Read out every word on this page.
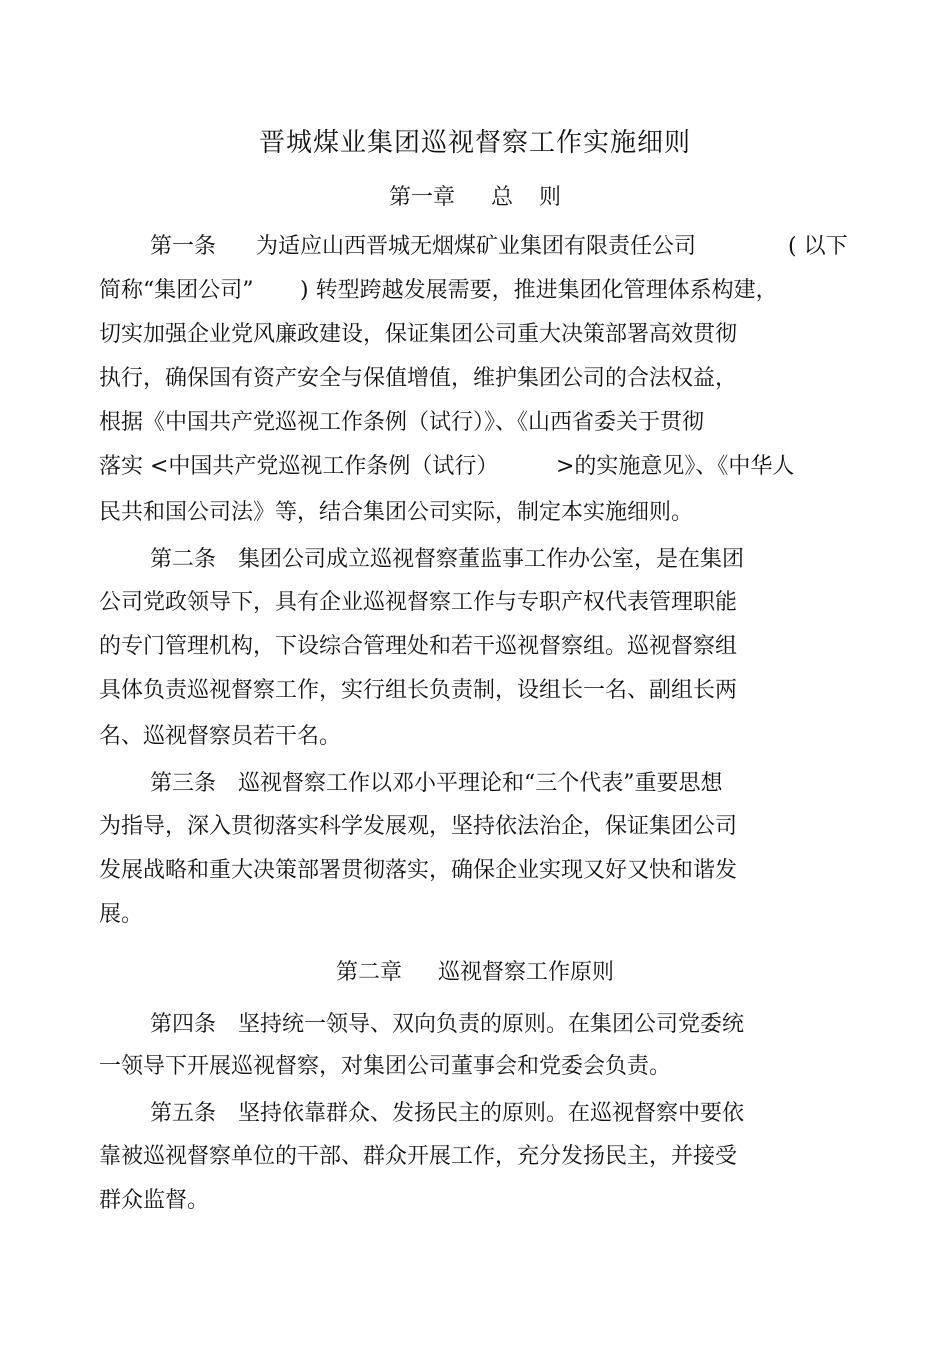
晋城煤业集团巡视督察工作实施细则
第一章 总 则
第一条 为适应山西晋城无烟煤矿业集团有限责任公司	( 以下
简称“集团公司” ) 转型跨越发展需要，推进集团化管理体系构建，
切实加强企业党风廉政建设，保证集团公司重大决策部署高效贯彻
执行，确保国有资产安全与保值增值，维护集团公司的合法权益，
根据《中国共产党巡视工作条例（试行）》、《山西省委关于贯彻
落实 <中国共产党巡视工作条例（试行）	>的实施意见》、《中华人
民共和国公司法》等，结合集团公司实际，制定本实施细则。
第二条　集团公司成立巡视督察董监事工作办公室，是在集团
公司党政领导下，具有企业巡视督察工作与专职产权代表管理职能
的专门管理机构，下设综合管理处和若干巡视督察组。巡视督察组
具体负责巡视督察工作，实行组长负责制，设组长一名、副组长两
名、巡视督察员若干名。
第三条　巡视督察工作以邓小平理论和“三个代表”重要思想
为指导，深入贯彻落实科学发展观，坚持依法治企，保证集团公司
发展战略和重大决策部署贯彻落实，确保企业实现又好又快和谐发
展。
第二章 巡视督察工作原则
第四条　坚持统一领导、双向负责的原则。在集团公司党委统
一领导下开展巡视督察，对集团公司董事会和党委会负责。
第五条　坚持依靠群众、发扬民主的原则。在巡视督察中要依
靠被巡视督察单位的干部、群众开展工作，充分发扬民主，并接受
群众监督。
